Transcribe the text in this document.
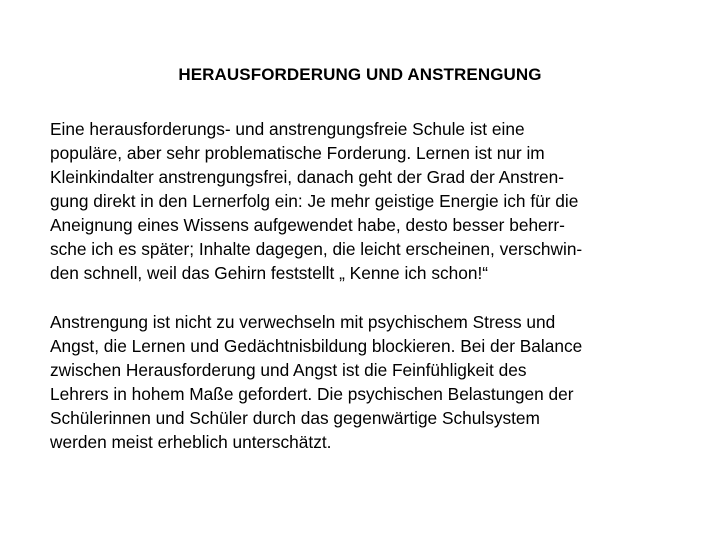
HERAUSFORDERUNG UND ANSTRENGUNG

Eine herausforderungs- und anstrengungsfreie Schule ist eine
populäre, aber sehr problematische Forderung. Lernen ist nur im
Kleinkindalter anstrengungsfrei, danach geht der Grad der Anstren-
gung direkt in den Lernerfolg ein: Je mehr geistige Energie ich für die
Aneignung eines Wissens aufgewendet habe, desto besser beherr-
sche ich es später; Inhalte dagegen, die leicht erscheinen, verschwin-
den schnell, weil das Gehirn feststellt „ Kenne ich schon!“

Anstrengung ist nicht zu verwechseln mit psychischem Stress und
Angst, die Lernen und Gedächtnisbildung blockieren. Bei der Balance
zwischen Herausforderung und Angst ist die Feinfühligkeit des
Lehrers in hohem Maße gefordert. Die psychischen Belastungen der
Schülerinnen und Schüler durch das gegenwärtige Schulsystem
werden meist erheblich unterschätzt.
